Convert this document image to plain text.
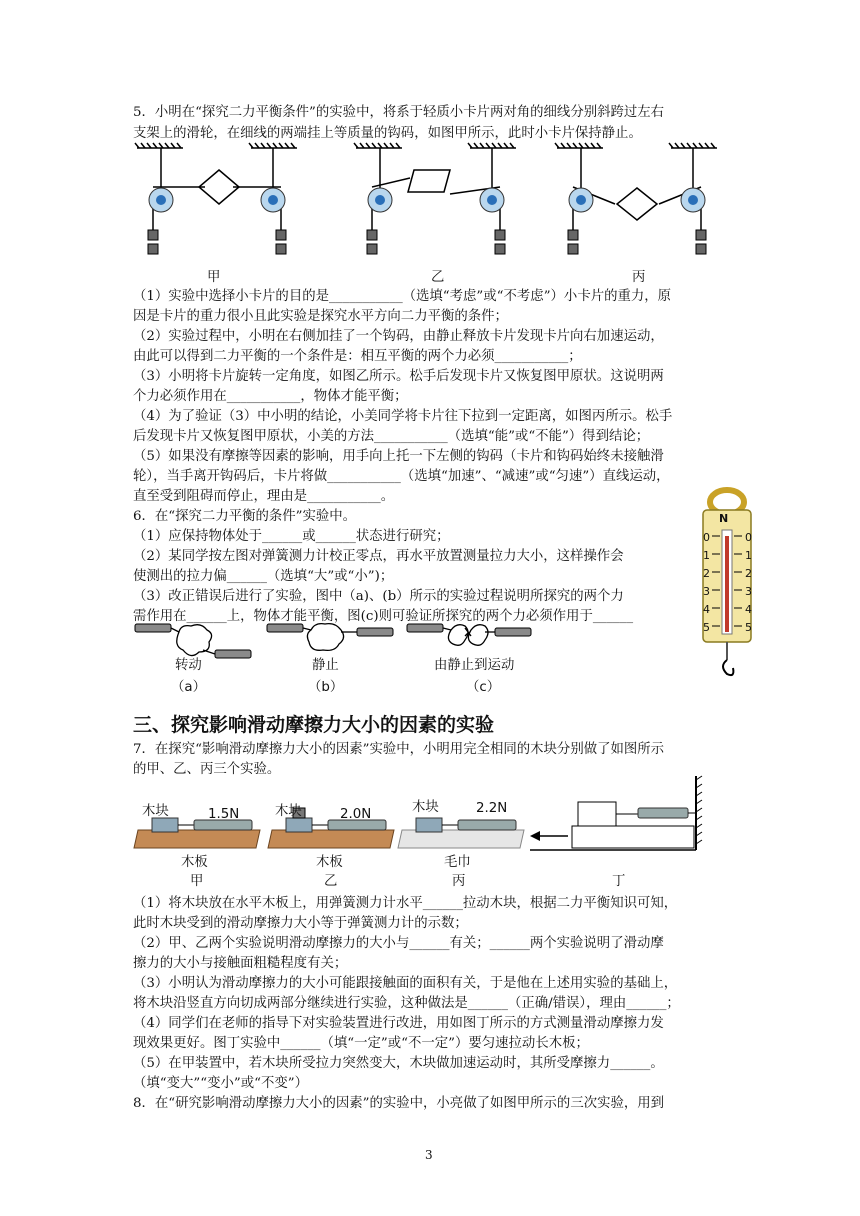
5．小明在“探究二力平衡条件”的实验中，将系于轻质小卡片两对角的细线分别斜跨过左右
支架上的滑轮，在细线的两端挂上等质量的钩码，如图甲所示，此时小卡片保持静止。
甲	乙	丙
（1）实验中选择小卡片的目的是___________（选填“考虑”或“不考虑”）小卡片的重力，原
因是卡片的重力很小且此实验是探究水平方向二力平衡的条件；
（2）实验过程中，小明在右侧加挂了一个钩码，由静止释放卡片发现卡片向右加速运动，
由此可以得到二力平衡的一个条件是：相互平衡的两个力必须___________；
（3）小明将卡片旋转一定角度，如图乙所示。松手后发现卡片又恢复图甲原状。这说明两
个力必须作用在___________，物体才能平衡；
（4）为了验证（3）中小明的结论，小美同学将卡片往下拉到一定距离，如图丙所示。松手
后发现卡片又恢复图甲原状，小美的方法___________（选填“能”或“不能”）得到结论；
（5）如果没有摩擦等因素的影响，用手向上托一下左侧的钩码（卡片和钩码始终未接触滑
轮），当手离开钩码后，卡片将做___________（选填“加速”、“减速”或“匀速”）直线运动，
直至受到阻碍而停止，理由是___________。
6．在“探究二力平衡的条件”实验中。
（1）应保持物体处于______或______状态进行研究；
（2）某同学按左图对弹簧测力计校正零点，再水平放置测量拉力大小，这样操作会
使测出的拉力偏______（选填“大”或“小”)；
（3）改正错误后进行了实验，图中（a)、(b）所示的实验过程说明所探究的两个力
需作用在______上，物体才能平衡，图(c)则可验证所探究的两个力必须作用于______
N
0
1
2
3
4
5
0
1
2
3
4
5
转动	静止	由静止到运动
（a）	（b）	（c）
三、探究影响滑动摩擦力大小的因素的实验
7．在探究“影响滑动摩擦力大小的因素”实验中，小明用完全相同的木块分别做了如图所示
的甲、乙、丙三个实验。
木块	1.5N	木块	2.0N	木块	2.2N
木板	木板	毛巾
甲	乙	丙	丁
（1）将木块放在水平木板上，用弹簧测力计水平______拉动木块，根据二力平衡知识可知，
此时木块受到的滑动摩擦力大小等于弹簧测力计的示数；
（2）甲、乙两个实验说明滑动摩擦力的大小与______有关；______两个实验说明了滑动摩
擦力的大小与接触面粗糙程度有关；
（3）小明认为滑动摩擦力的大小可能跟接触面的面积有关，于是他在上述用实验的基础上，
将木块沿竖直方向切成两部分继续进行实验，这种做法是______（正确/错误），理由______；
（4）同学们在老师的指导下对实验装置进行改进，用如图丁所示的方式测量滑动摩擦力发
现效果更好。图丁实验中______（填“一定”或“不一定”）要匀速拉动长木板；
（5）在甲装置中，若木块所受拉力突然变大，木块做加速运动时，其所受摩擦力______。
（填“变大”“变小”或“不变”）
8．在“研究影响滑动摩擦力大小的因素”的实验中，小亮做了如图甲所示的三次实验，用到
3
